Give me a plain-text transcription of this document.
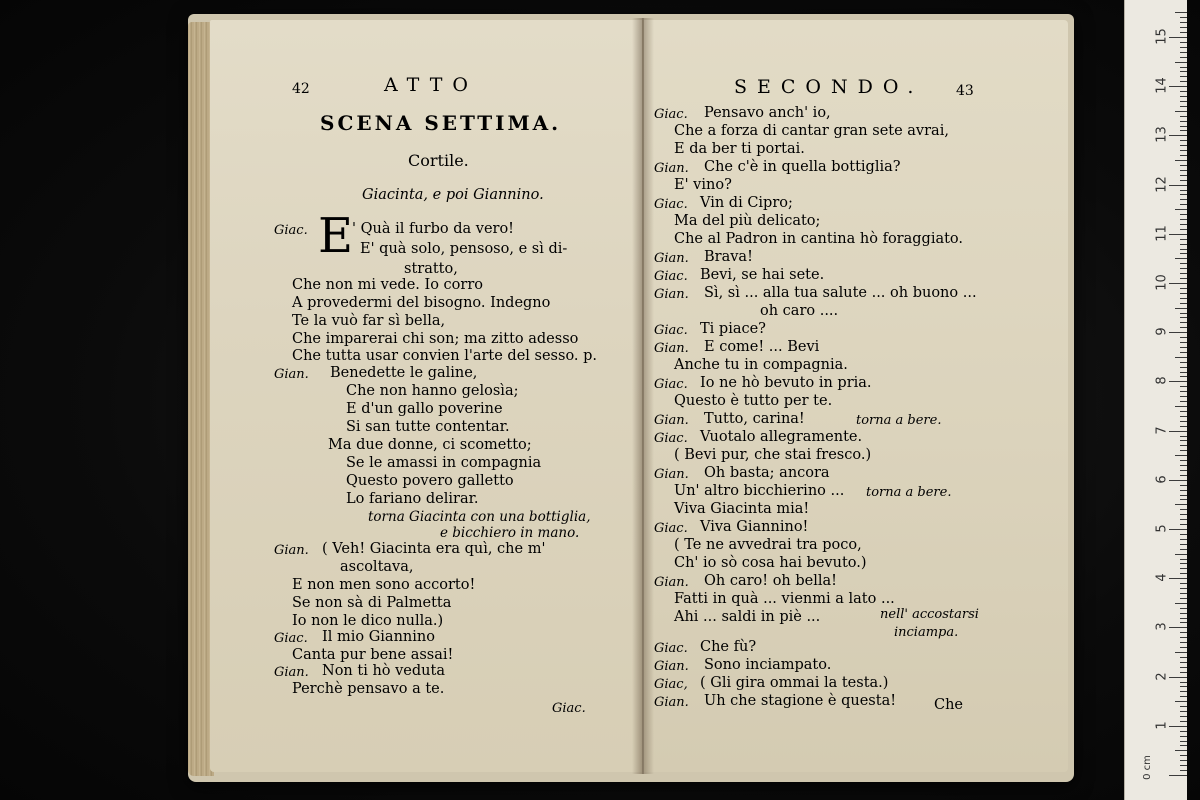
42	ATTO
SCENA SETTIMA.
Cortile.
Giacinta, e poi Giannino.
Giac. E
' Quà il furbo da vero!
E' quà solo, pensoso, e sì di-
stratto,
Che non mi vede. Io corro
A provedermi del bisogno. Indegno
Te la vuò far sì bella,
Che imparerai chi son; ma zitto adesso
Che tutta usar convien l'arte del sesso. p.
Gian. Benedette le galine,
Che non hanno gelosìa;
E d'un gallo poverine
Si san tutte contentar.
Ma due donne, ci scometto;
Se le amassi in compagnia
Questo povero galletto
Lo fariano delirar.
torna Giacinta con una bottiglia,
e bicchiero in mano.
Gian. ( Veh! Giacinta era quì, che m'
ascoltava,
E non men sono accorto!
Se non sà di Palmetta
Io non le dico nulla.)
Giac. Il mio Giannino
Canta pur bene assai!
Gian. Non ti hò veduta
Perchè pensavo a te.
Giac.
SECONDO. 43
Giac. Pensavo anch' io,
Che a forza di cantar gran sete avrai,
E da ber ti portai.
Gian. Che c'è in quella bottiglia?
E' vino?
Giac. Vin di Cipro;
Ma del più delicato;
Che al Padron in cantina hò foraggiato.
Gian. Brava!
Giac. Bevi, se hai sete.
Gian. Sì, sì ... alla tua salute ... oh buono ...
oh caro ....
Giac. Ti piace?
Gian. E come! ... Bevi
Anche tu in compagnia.
Giac. Io ne hò bevuto in pria.
Questo è tutto per te.
Gian. Tutto, carina!	torna a bere.
Giac. Vuotalo allegramente.
( Bevi pur, che stai fresco.)
Gian. Oh basta; ancora
Un' altro bicchierino ... torna a bere.
Viva Giacinta mia!
Giac. Viva Giannino!
( Te ne avvedrai tra poco,
Ch' io sò cosa hai bevuto.)
Gian. Oh caro! oh bella!
Fatti in quà ... vienmi a lato ...
Ahi ... saldi in piè ...	nell' accostarsi
inciampa.
Giac. Che fù?
Gian. Sono inciampato.
Giac, ( Gli gira ommai la testa.)
Gian. Uh che stagione è questa!	Che
0 cm
1
2
3
4
5
6
7
8
9
10
11
12
13
14
15
